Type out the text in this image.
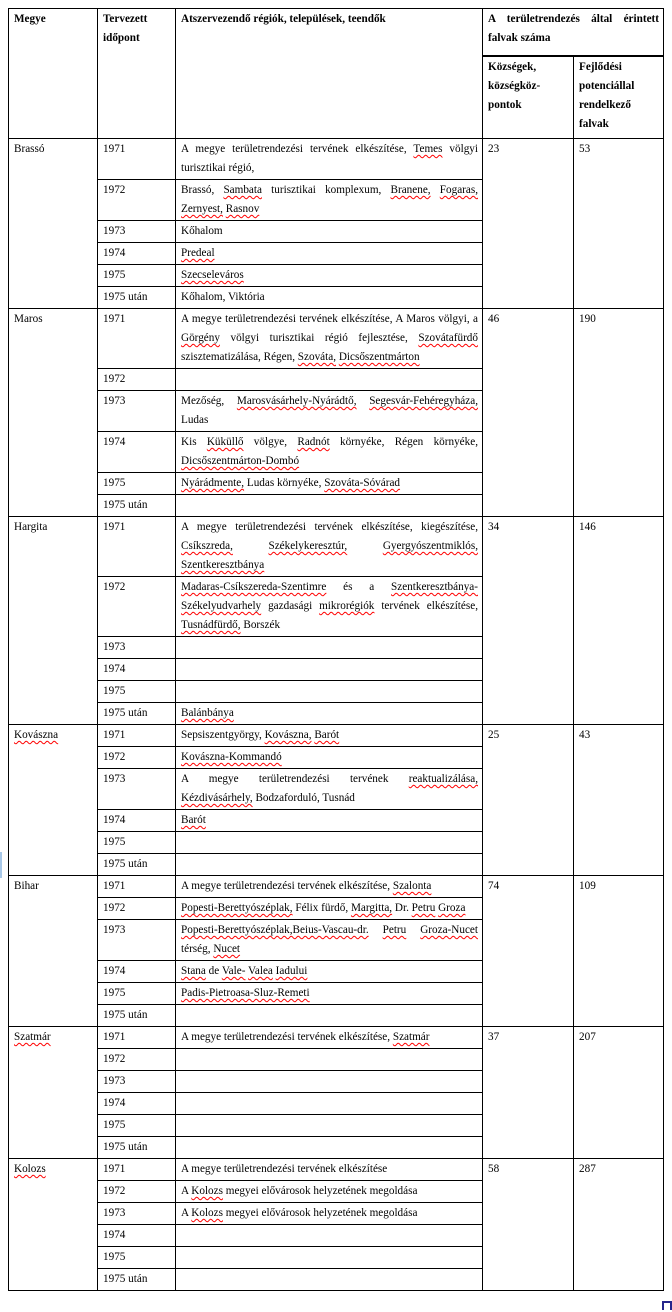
Megye	Tervezett időpont	Atszervezendő régiók, települések, teendők	A területrendezés által érintett falvak száma	
			Községek, községköz-pontok	Fejlődési potenciállal rendelkező falvak
Brassó	1971	A megye területrendezési tervének elkészítése, Temes völgyi turisztikai régió,	23	53
	1972	Brassó, Sambata turisztikai komplexum, Branene, Fogaras, Zernyest, Rasnov		
	1973	Kőhalom		
	1974	Predeal		
	1975	Szecseleváros		
	1975 után	Kőhalom, Viktória		
Maros	1971	A megye területrendezési tervének elkészítése, A Maros völgyi, a Görgény völgyi turisztikai régió fejlesztése, Szovátafürdő szisztematizálása, Régen, Szováta, Dicsőszentmárton	46	190
	1972			
	1973	Mezőség, Marosvásárhely-Nyárádtő, Segesvár-Fehéregyháza, Ludas		
	1974	Kis Küküllő völgye, Radnót környéke, Régen környéke, Dicsőszentmárton-Dombó		
	1975	Nyárádmente, Ludas környéke, Szováta-Sóvárad		
	1975 után			
Hargita	1971	A megye területrendezési tervének elkészítése, kiegészítése, Csíkszreda, Székelykeresztúr, Gyergyószentmiklós, Szentkeresztbánya	34	146
	1972	Madaras-Csíkszereda-Szentimre és a Szentkeresztbánya-Székelyudvarhely gazdasági mikrorégiók tervének elkészítése, Tusnádfürdő, Borszék		
	1973			
	1974			
	1975			
	1975 után	Balánbánya		
Kovászna	1971	Sepsiszentgyörgy, Kovászna, Barót	25	43
	1972	Kovászna-Kommandó		
	1973	A megye területrendezési tervének reaktualizálása, Kézdivásárhely, Bodzaforduló, Tusnád		
	1974	Barót		
	1975			
	1975 után			
Bihar	1971	A megye területrendezési tervének elkészítése, Szalonta	74	109
	1972	Popesti-Berettyószéplak, Félix fürdő, Margitta, Dr. Petru Groza		
	1973	Popesti-Berettyószéplak,Beius-Vascau-dr. Petru Groza-Nucet térség, Nucet		
	1974	Stana de Vale- Valea Iadului		
	1975	Padis-Pietroasa-Sluz-Remeti		
	1975 után			
Szatmár	1971	A megye területrendezési tervének elkészítése, Szatmár	37	207
	1972			
	1973			
	1974			
	1975			
	1975 után			
Kolozs	1971	A megye területrendezési tervének elkészítése	58	287
	1972	A Kolozs megyei elővárosok helyzetének megoldása		
	1973	A Kolozs megyei elővárosok helyzetének megoldása		
	1974			
	1975			
	1975 után			
